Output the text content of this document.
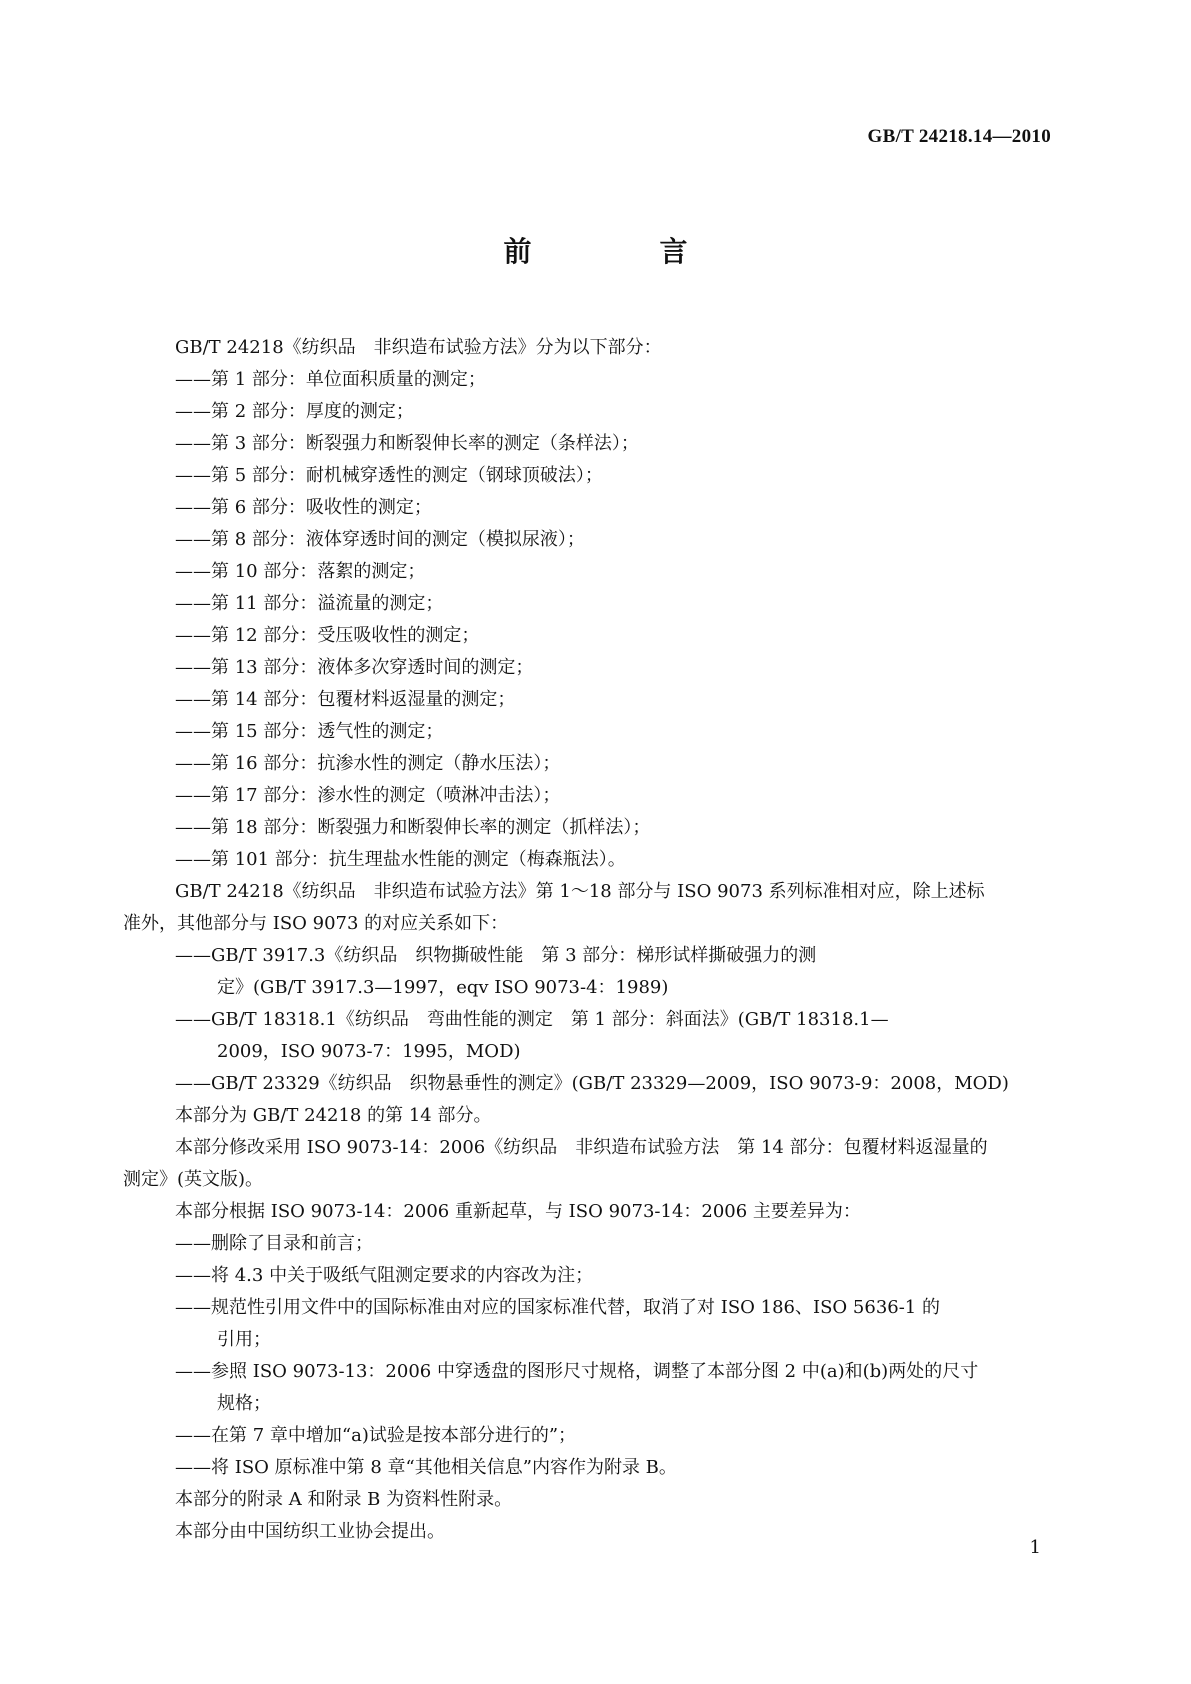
GB/T 24218.14—2010
前　言
GB/T 24218《纺织品　非织造布试验方法》分为以下部分：
——第 1 部分：单位面积质量的测定；
——第 2 部分：厚度的测定；
——第 3 部分：断裂强力和断裂伸长率的测定（条样法）；
——第 5 部分：耐机械穿透性的测定（钢球顶破法）；
——第 6 部分：吸收性的测定；
——第 8 部分：液体穿透时间的测定（模拟尿液）；
——第 10 部分：落絮的测定；
——第 11 部分：溢流量的测定；
——第 12 部分：受压吸收性的测定；
——第 13 部分：液体多次穿透时间的测定；
——第 14 部分：包覆材料返湿量的测定；
——第 15 部分：透气性的测定；
——第 16 部分：抗渗水性的测定（静水压法）；
——第 17 部分：渗水性的测定（喷淋冲击法）；
——第 18 部分：断裂强力和断裂伸长率的测定（抓样法）；
——第 101 部分：抗生理盐水性能的测定（梅森瓶法）。
GB/T 24218《纺织品　非织造布试验方法》第 1～18 部分与 ISO 9073 系列标准相对应，除上述标
准外，其他部分与 ISO 9073 的对应关系如下：
——GB/T 3917.3《纺织品　织物撕破性能　第 3 部分：梯形试样撕破强力的测
定》(GB/T 3917.3—1997，eqv ISO 9073-4：1989)
——GB/T 18318.1《纺织品　弯曲性能的测定　第 1 部分：斜面法》(GB/T 18318.1—
2009，ISO 9073-7：1995，MOD)
——GB/T 23329《纺织品　织物悬垂性的测定》(GB/T 23329—2009，ISO 9073-9：2008，MOD)
本部分为 GB/T 24218 的第 14 部分。
本部分修改采用 ISO 9073-14：2006《纺织品　非织造布试验方法　第 14 部分：包覆材料返湿量的
测定》(英文版)。
本部分根据 ISO 9073-14：2006 重新起草，与 ISO 9073-14：2006 主要差异为：
——删除了目录和前言；
——将 4.3 中关于吸纸气阻测定要求的内容改为注；
——规范性引用文件中的国际标准由对应的国家标准代替，取消了对 ISO 186、ISO 5636-1 的
引用；
——参照 ISO 9073-13：2006 中穿透盘的图形尺寸规格，调整了本部分图 2 中(a)和(b)两处的尺寸
规格；
——在第 7 章中增加“a)试验是按本部分进行的”；
——将 ISO 原标准中第 8 章“其他相关信息”内容作为附录 B。
本部分的附录 A 和附录 B 为资料性附录。
本部分由中国纺织工业协会提出。
1
